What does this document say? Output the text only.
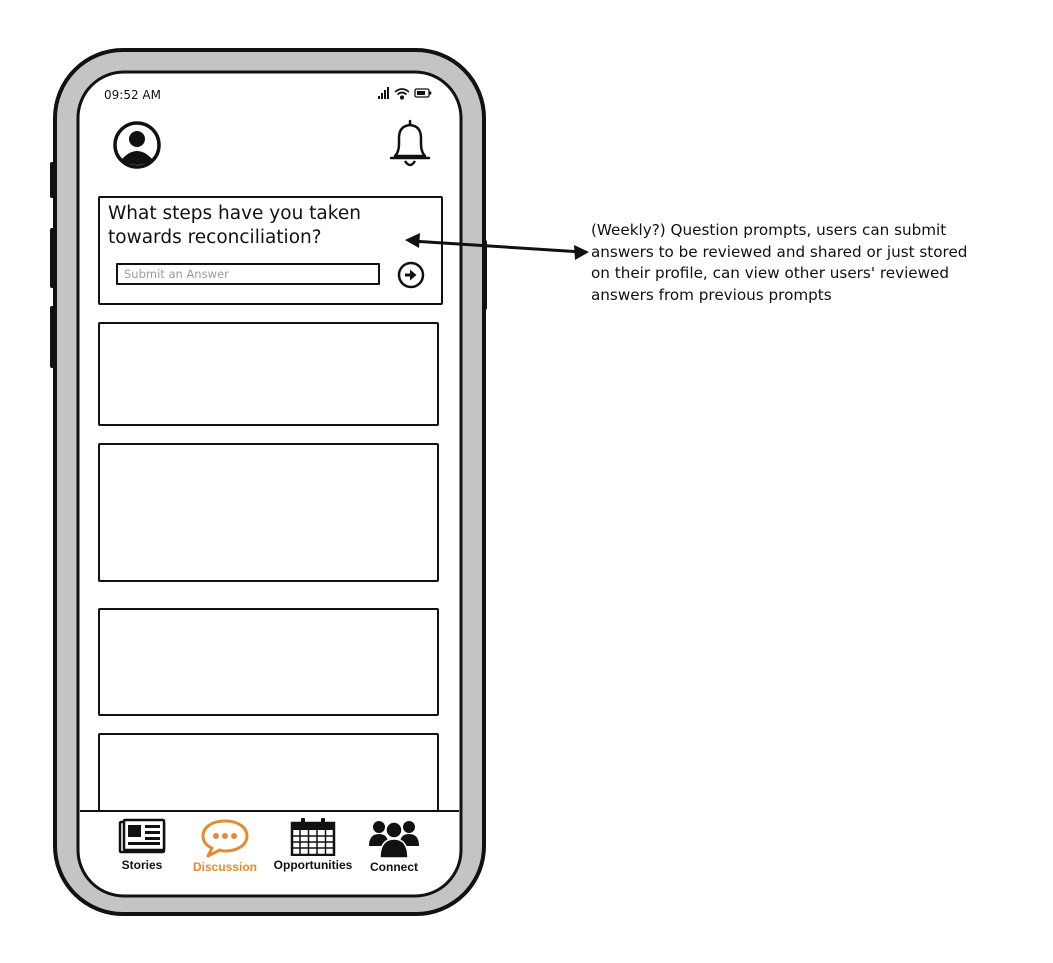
09:52 AM
What steps have you taken towards reconciliation?
Submit an Answer
Stories	Discussion	Opportunities	Connect
(Weekly?) Question prompts, users can submit answers to be reviewed and shared or just stored on their profile, can view other users' reviewed answers from previous prompts
